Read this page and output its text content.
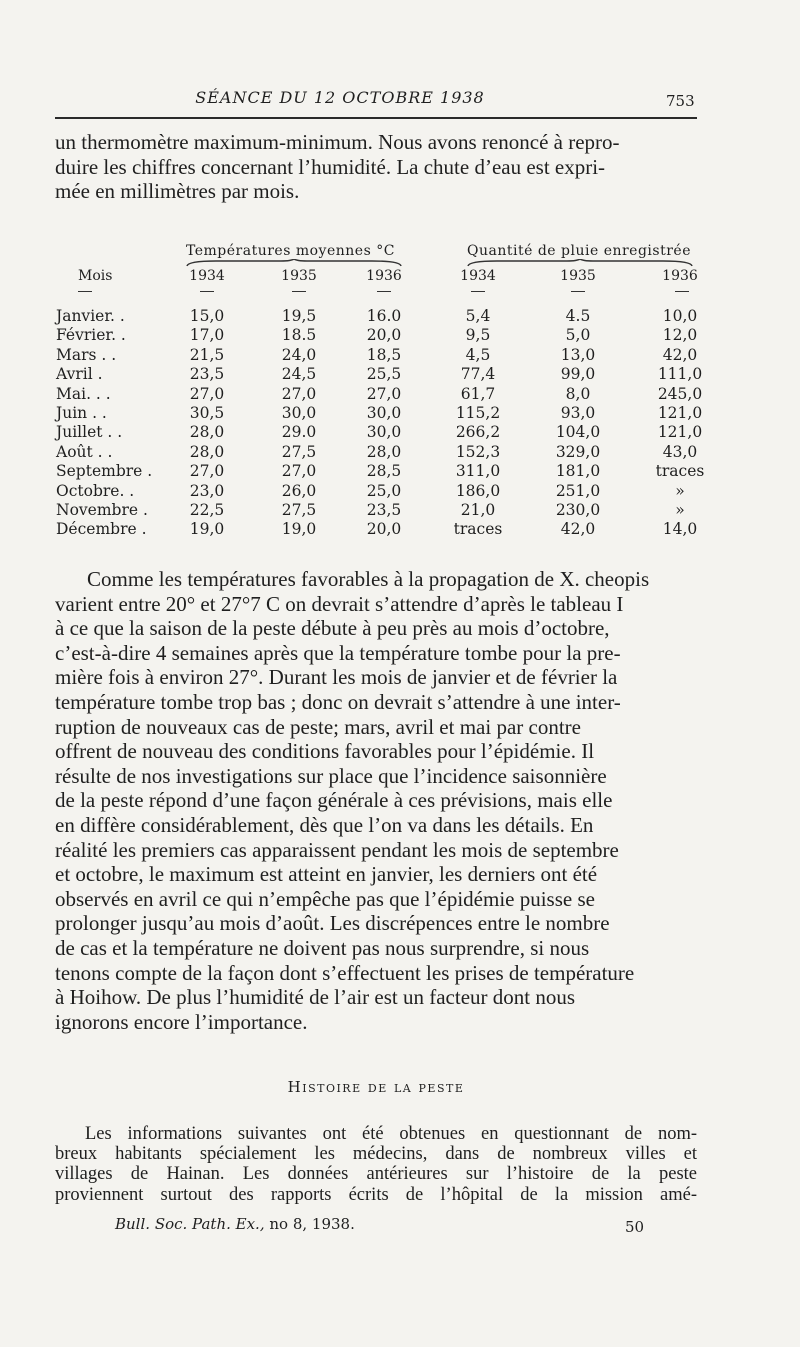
SÉANCE DU 12 OCTOBRE 1938	753
un thermomètre maximum-minimum. Nous avons renoncé à repro-
duire les chiffres concernant l’humidité. La chute d’eau est expri-
mée en millimètres par mois.
Mois
Températures moyennes °C	Quantité de pluie enregistrée
1934	1935	1936	1934	1935	1936
Janvier. .	15,0	19,5	16.0	5,4	4.5	10,0
Février. .	17,0	18.5	20,0	9,5	5,0	12,0
Mars . .	21,5	24,0	18,5	4,5	13,0	42,0
Avril .	23,5	24,5	25,5	77,4	99,0	111,0
Mai. . .	27,0	27,0	27,0	61,7	8,0	245,0
Juin . .	30,5	30,0	30,0	115,2	93,0	121,0
Juillet . .	28,0	29.0	30,0	266,2	104,0	121,0
Août . .	28,0	27,5	28,0	152,3	329,0	43,0
Septembre .	27,0	27,0	28,5	311,0	181,0	traces
Octobre. .	23,0	26,0	25,0	186,0	251,0	»
Novembre .	22,5	27,5	23,5	21,0	230,0	»
Décembre .	19,0	19,0	20,0	traces	42,0	14,0
Comme les températures favorables à la propagation de X. cheopis
varient entre 20° et 27°7 C on devrait s’attendre d’après le tableau I
à ce que la saison de la peste débute à peu près au mois d’octobre,
c’est-à-dire 4 semaines après que la température tombe pour la pre-
mière fois à environ 27°. Durant les mois de janvier et de février la
température tombe trop bas ; donc on devrait s’attendre à une inter-
ruption de nouveaux cas de peste; mars, avril et mai par contre
offrent de nouveau des conditions favorables pour l’épidémie. Il
résulte de nos investigations sur place que l’incidence saisonnière
de la peste répond d’une façon générale à ces prévisions, mais elle
en diffère considérablement, dès que l’on va dans les détails. En
réalité les premiers cas apparaissent pendant les mois de septembre
et octobre, le maximum est atteint en janvier, les derniers ont été
observés en avril ce qui n’empêche pas que l’épidémie puisse se
prolonger jusqu’au mois d’août. Les discrépences entre le nombre
de cas et la température ne doivent pas nous surprendre, si nous
tenons compte de la façon dont s’effectuent les prises de température
à Hoihow. De plus l’humidité de l’air est un facteur dont nous
ignorons encore l’importance.
Histoire de la peste
Les informations suivantes ont été obtenues en questionnant de nom-
breux habitants spécialement les médecins, dans de nombreux villes et
villages de Hainan. Les données antérieures sur l’histoire de la peste
proviennent surtout des rapports écrits de l’hôpital de la mission amé-
Bull. Soc. Path. Ex., no 8, 1938.	50
